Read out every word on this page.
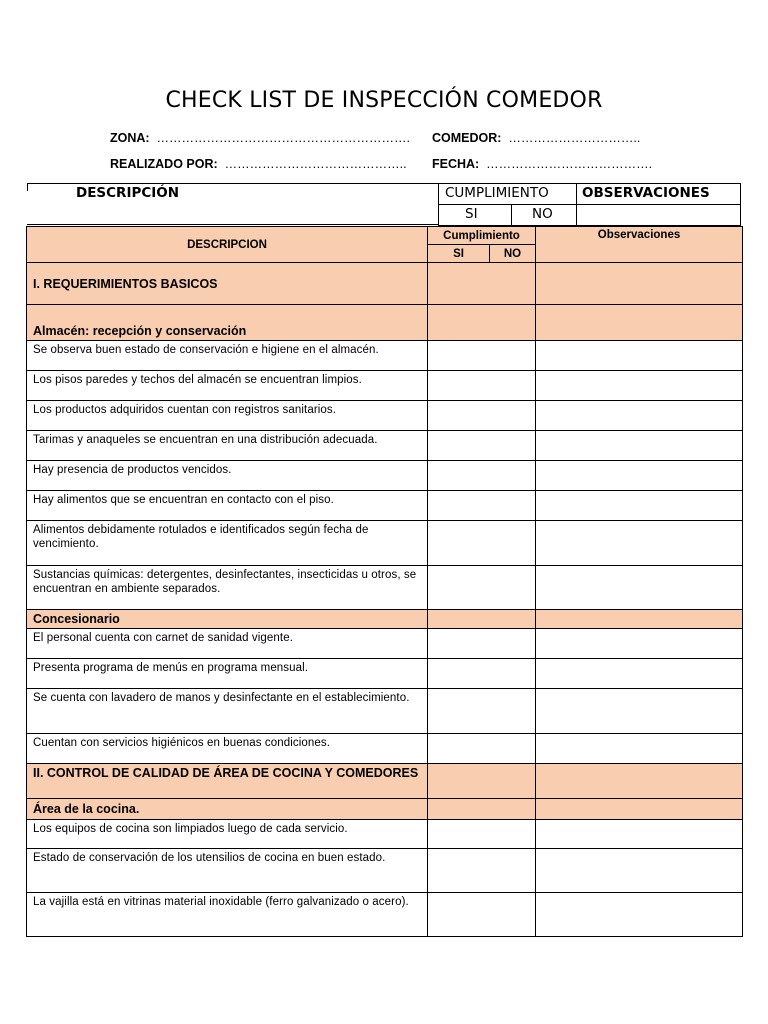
CHECK LIST DE INSPECCIÓN COMEDOR
ZONA: ……………………………………………………. COMEDOR: …………………………..
REALIZADO POR: …………………………………….. FECHA: ………………………………….
DESCRIPCIÓN	CUMPLIMIENTO OBSERVACIONES
SI	NO
DESCRIPCION	Cumplimiento		Observaciones
	SI	NO	
I. REQUERIMIENTOS BASICOS			
Almacén: recepción y conservación			
Se observa buen estado de conservación e higiene en el almacén.			
Los pisos paredes y techos del almacén se encuentran limpios.			
Los productos adquiridos cuentan con registros sanitarios.			
Tarimas y anaqueles se encuentran en una distribución adecuada.			
Hay presencia de productos vencidos.			
Hay alimentos que se encuentran en contacto con el piso.			
Alimentos debidamente rotulados e identificados según fecha de vencimiento.			
Sustancias químicas: detergentes, desinfectantes, insecticidas u otros, se encuentran en ambiente separados.			
Concesionario			
El personal cuenta con carnet de sanidad vigente.			
Presenta programa de menús en programa mensual.			
Se cuenta con lavadero de manos y desinfectante en el establecimiento.			
Cuentan con servicios higiénicos en buenas condiciones.			
II. CONTROL DE CALIDAD DE ÁREA DE COCINA Y COMEDORES			
Área de la cocina.			
Los equipos de cocina son limpiados luego de cada servicio.			
Estado de conservación de los utensilios de cocina en buen estado.			
La vajilla está en vitrinas material inoxidable (ferro galvanizado o acero).			
